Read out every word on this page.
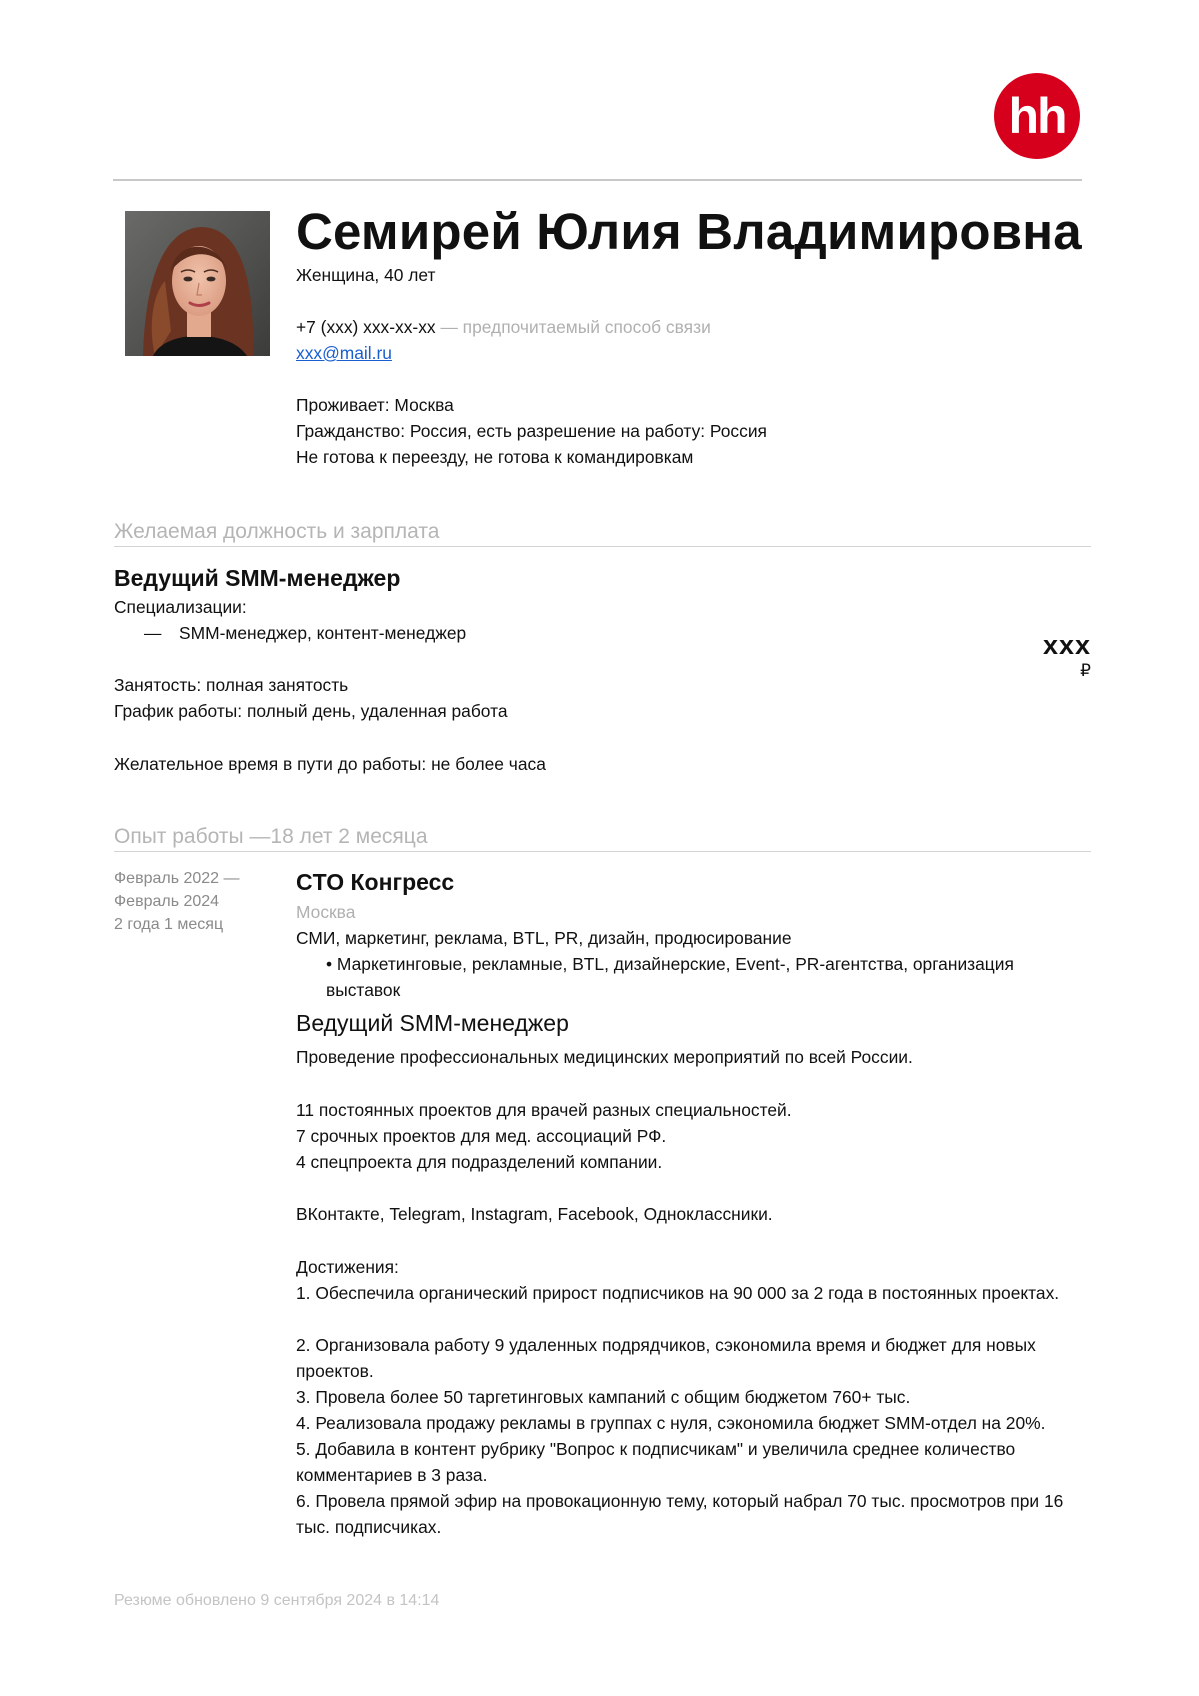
hh
Семирей Юлия Владимировна
Женщина, 40 лет
+7 (xxx) xxx-xx-xx — предпочитаемый способ связи
xxx@mail.ru
Проживает: Москва
Гражданство: Россия, есть разрешение на работу: Россия
Не готова к переезду, не готова к командировкам
Желаемая должность и зарплата
Ведущий SMM-менеджер
Специализации:
— SMM-менеджер, контент-менеджер	xxx
₽
Занятость: полная занятость
График работы: полный день, удаленная работа
Желательное время в пути до работы: не более часа
Опыт работы —18 лет 2 месяца
Февраль 2022 —
Февраль 2024
2 года 1 месяц
CTO Конгресс
Москва
СМИ, маркетинг, реклама, BTL, PR, дизайн, продюсирование
• Маркетинговые, рекламные, BTL, дизайнерские, Event-, PR-агентства, организация выставок
Ведущий SMM-менеджер
Проведение профессиональных медицинских мероприятий по всей России.
11 постоянных проектов для врачей разных специальностей.
7 срочных проектов для мед. ассоциаций РФ.
4 спецпроекта для подразделений компании.
ВКонтакте, Telegram, Instagram, Facebook, Одноклассники.
Достижения:
1. Обеспечила органический прирост подписчиков на 90 000 за 2 года в постоянных проектах.
2. Организовала работу 9 удаленных подрядчиков, сэкономила время и бюджет для новых проектов.
3. Провела более 50 таргетинговых кампаний с общим бюджетом 760+ тыс.
4. Реализовала продажу рекламы в группах с нуля, сэкономила бюджет SMM-отдел на 20%.
5. Добавила в контент рубрику "Вопрос к подписчикам" и увеличила среднее количество комментариев в 3 раза.
6. Провела прямой эфир на провокационную тему, который набрал 70 тыс. просмотров при 16 тыс. подписчиках.
Резюме обновлено 9 сентября 2024 в 14:14
